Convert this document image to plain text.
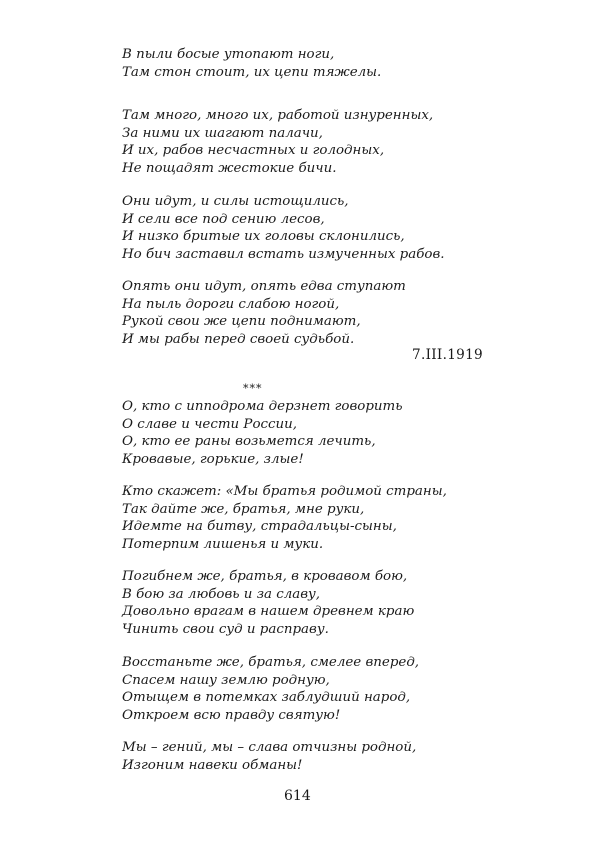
В пыли босые утопают ноги,
Там стон стоит, их цепи тяжелы.
Там много, много их, работой изнуренных,
За ними их шагают палачи,
И их, рабов несчастных и голодных,
Не пощадят жестокие бичи.
Они идут, и силы истощились,
И сели все под сению лесов,
И низко бритые их головы склонились,
Но бич заставил встать измученных рабов.
Опять они идут, опять едва ступают
На пыль дороги слабою ногой,
Рукой свои же цепи поднимают,
И мы рабы перед своей судьбой.
7.III.1919
***
О, кто с ипподрома дерзнет говорить
О славе и чести России,
О, кто ее раны возьмется лечить,
Кровавые, горькие, злые!
Кто скажет: «Мы братья родимой страны,
Так дайте же, братья, мне руки,
Идемте на битву, страдальцы-сыны,
Потерпим лишенья и муки.
Погибнем же, братья, в кровавом бою,
В бою за любовь и за славу,
Довольно врагам в нашем древнем краю
Чинить свои суд и расправу.
Восстаньте же, братья, смелее вперед,
Спасем нашу землю родную,
Отыщем в потемках заблудший народ,
Откроем всю правду святую!
Мы – гений, мы – слава отчизны родной,
Изгоним навеки обманы!
614
